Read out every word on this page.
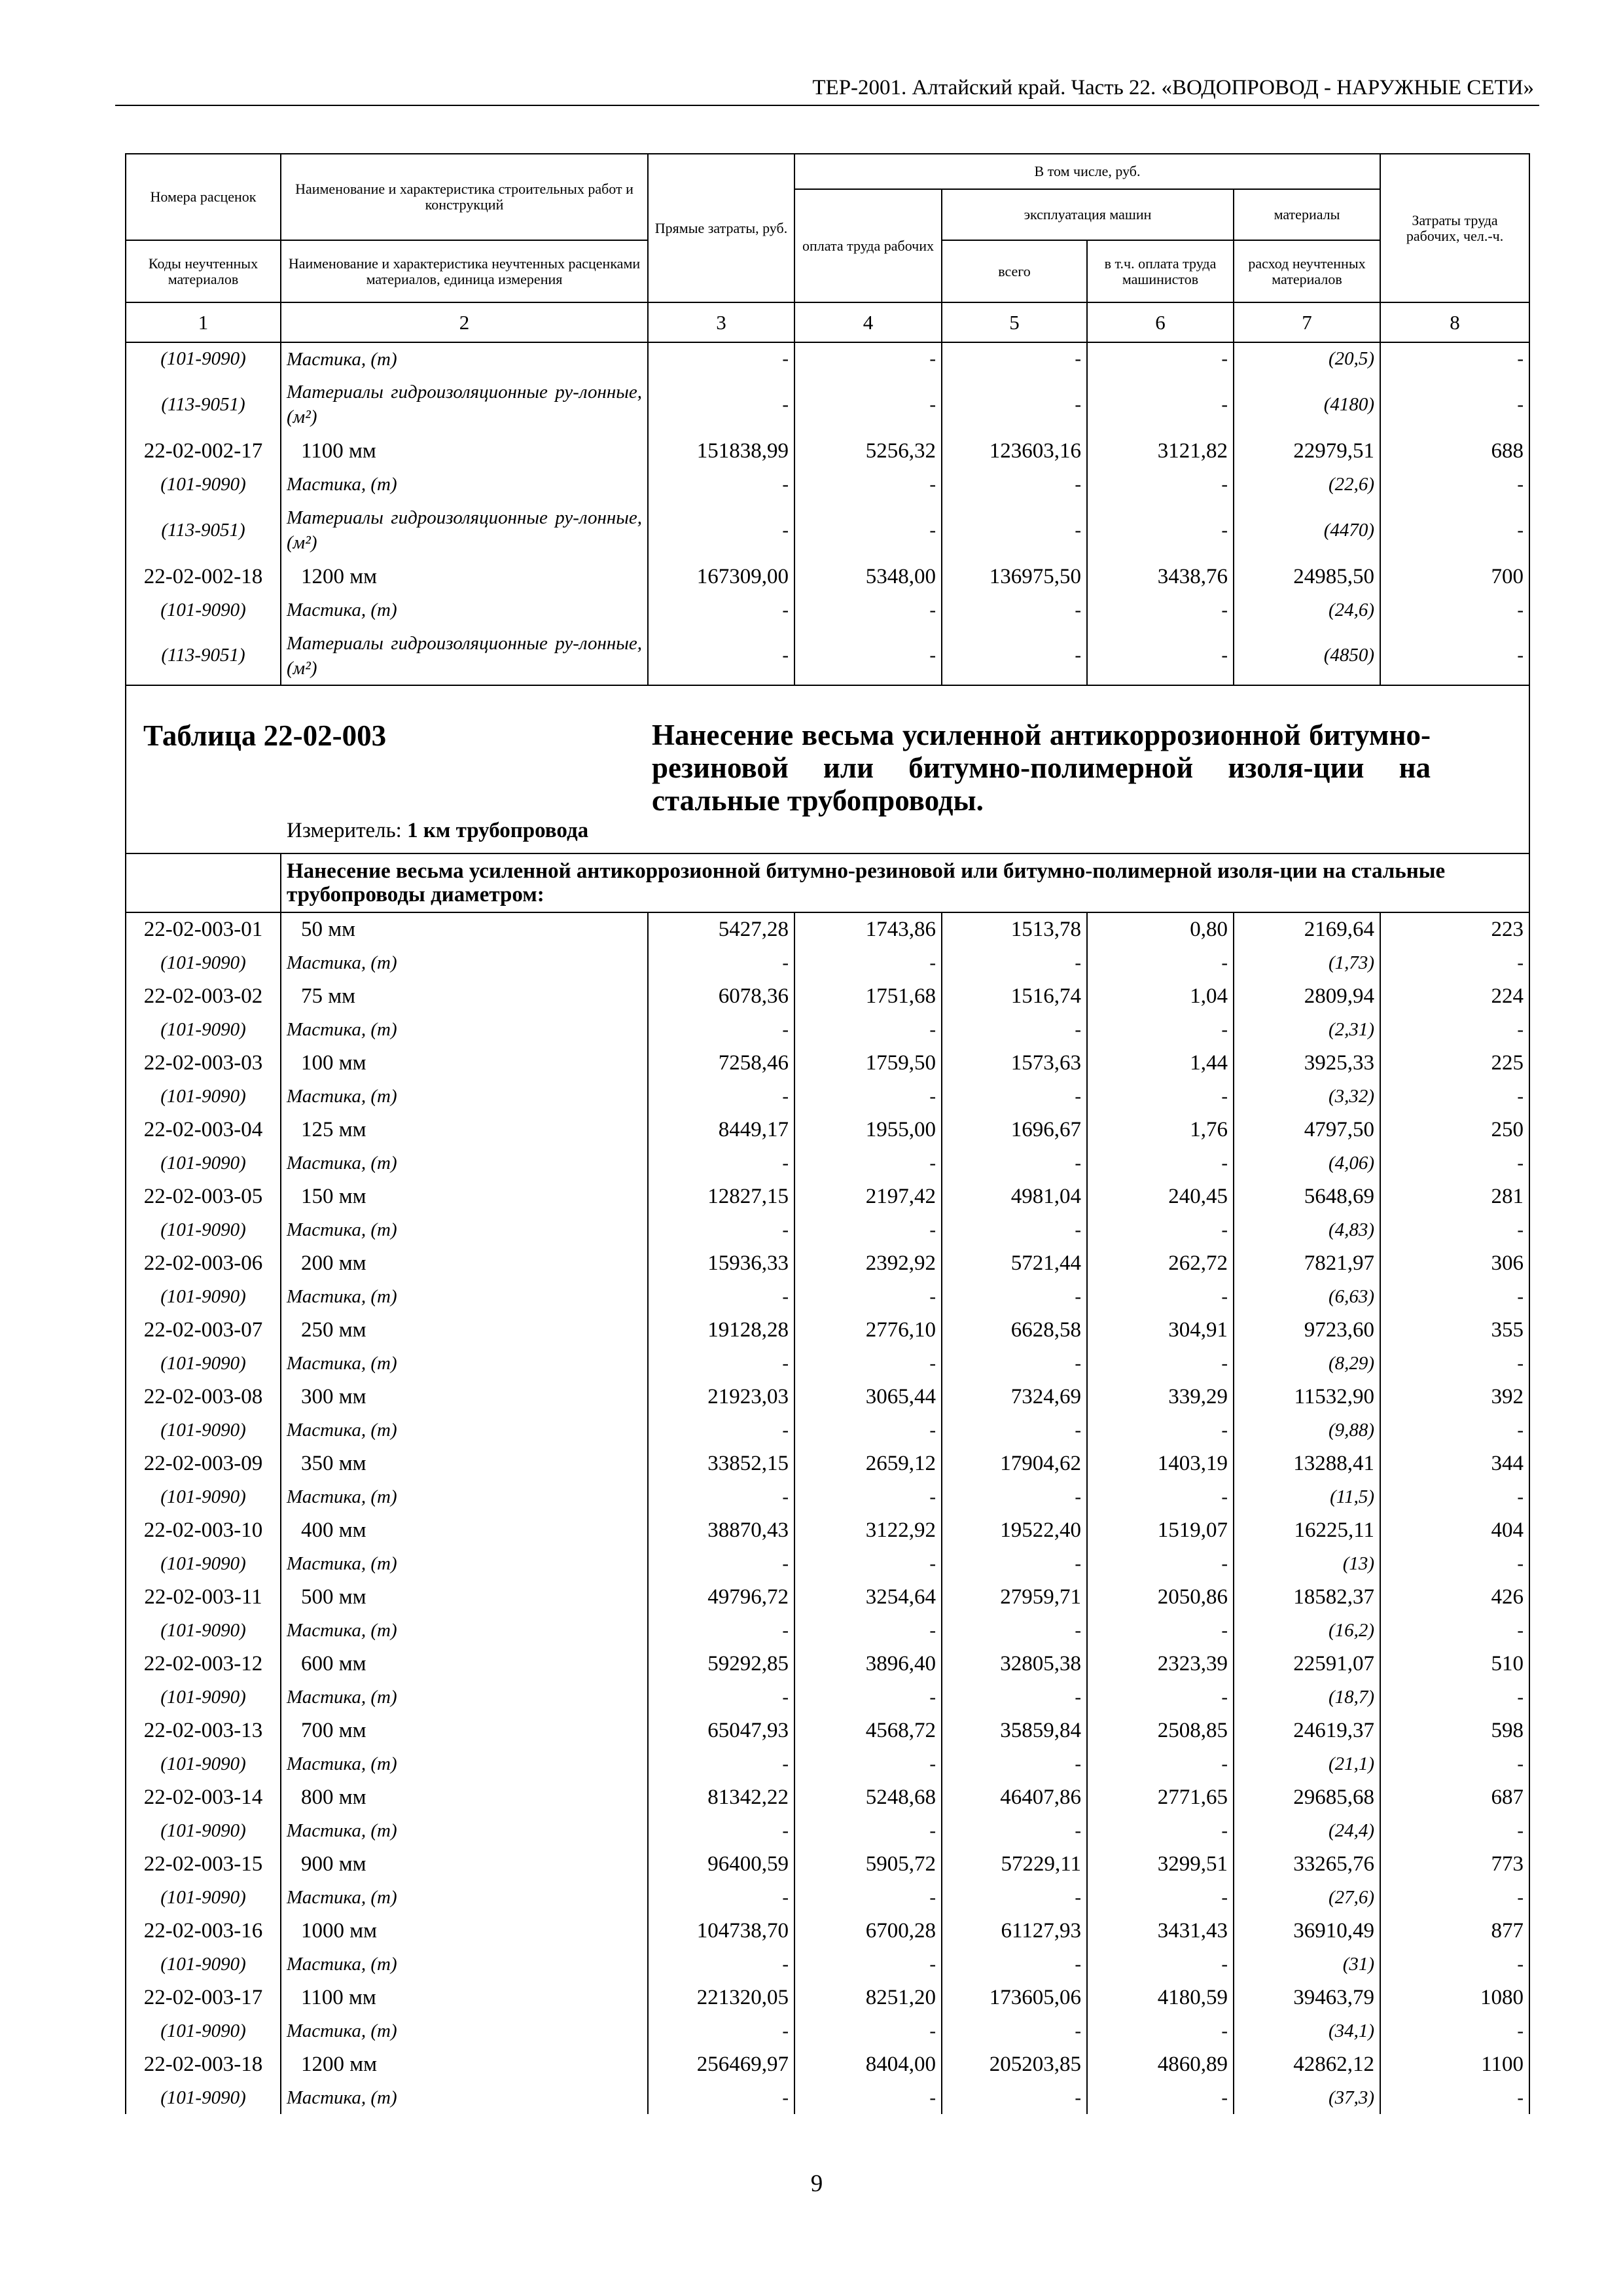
ТЕР-2001. Алтайский край. Часть 22. «ВОДОПРОВОД - НАРУЖНЫЕ СЕТИ»
Номера расценок	Наименование и характеристика строительных работ и конструкций	Прямые затраты, руб.	В том числе, руб.				Затраты труда рабочих, чел.-ч.
			оплата труда рабочих	эксплуатация машин		материалы	
Коды неучтенных материалов	Наименование и характеристика неучтенных расценками материалов, единица измерения			всего	в т.ч. оплата труда машинистов	расход неучтенных материалов	
1	2	3	4	5	6	7	8
(101-9090)	Мастика, (т)	-	-	-	-	(20,5)	-
(113-9051)	Материалы гидроизоляционные ру-лонные, (м²)	-	-	-	-	(4180)	-
22-02-002-17	1100 мм	151838,99	5256,32	123603,16	3121,82	22979,51	688
(101-9090)	Мастика, (т)	-	-	-	-	(22,6)	-
(113-9051)	Материалы гидроизоляционные ру-лонные, (м²)	-	-	-	-	(4470)	-
22-02-002-18	1200 мм	167309,00	5348,00	136975,50	3438,76	24985,50	700
(101-9090)	Мастика, (т)	-	-	-	-	(24,6)	-
(113-9051)	Материалы гидроизоляционные ру-лонные, (м²)	-	-	-	-	(4850)	-

Таблица 22-02-003 Нанесение весьма усиленной антикоррозионной битумно-резиновой или битумно-полимерной изоля-ции на стальные трубопроводы.
Измеритель: 1 км трубопровода							

	Нанесение весьма усиленной антикоррозионной битумно-резиновой или битумно-полимерной изоля-ции на стальные трубопроводы диаметром:						
22-02-003-01	50 мм	5427,28	1743,86	1513,78	0,80	2169,64	223
(101-9090)	Мастика, (т)	-	-	-	-	(1,73)	-
22-02-003-02	75 мм	6078,36	1751,68	1516,74	1,04	2809,94	224
(101-9090)	Мастика, (т)	-	-	-	-	(2,31)	-
22-02-003-03	100 мм	7258,46	1759,50	1573,63	1,44	3925,33	225
(101-9090)	Мастика, (т)	-	-	-	-	(3,32)	-
22-02-003-04	125 мм	8449,17	1955,00	1696,67	1,76	4797,50	250
(101-9090)	Мастика, (т)	-	-	-	-	(4,06)	-
22-02-003-05	150 мм	12827,15	2197,42	4981,04	240,45	5648,69	281
(101-9090)	Мастика, (т)	-	-	-	-	(4,83)	-
22-02-003-06	200 мм	15936,33	2392,92	5721,44	262,72	7821,97	306
(101-9090)	Мастика, (т)	-	-	-	-	(6,63)	-
22-02-003-07	250 мм	19128,28	2776,10	6628,58	304,91	9723,60	355
(101-9090)	Мастика, (т)	-	-	-	-	(8,29)	-
22-02-003-08	300 мм	21923,03	3065,44	7324,69	339,29	11532,90	392
(101-9090)	Мастика, (т)	-	-	-	-	(9,88)	-
22-02-003-09	350 мм	33852,15	2659,12	17904,62	1403,19	13288,41	344
(101-9090)	Мастика, (т)	-	-	-	-	(11,5)	-
22-02-003-10	400 мм	38870,43	3122,92	19522,40	1519,07	16225,11	404
(101-9090)	Мастика, (т)	-	-	-	-	(13)	-
22-02-003-11	500 мм	49796,72	3254,64	27959,71	2050,86	18582,37	426
(101-9090)	Мастика, (т)	-	-	-	-	(16,2)	-
22-02-003-12	600 мм	59292,85	3896,40	32805,38	2323,39	22591,07	510
(101-9090)	Мастика, (т)	-	-	-	-	(18,7)	-
22-02-003-13	700 мм	65047,93	4568,72	35859,84	2508,85	24619,37	598
(101-9090)	Мастика, (т)	-	-	-	-	(21,1)	-
22-02-003-14	800 мм	81342,22	5248,68	46407,86	2771,65	29685,68	687
(101-9090)	Мастика, (т)	-	-	-	-	(24,4)	-
22-02-003-15	900 мм	96400,59	5905,72	57229,11	3299,51	33265,76	773
(101-9090)	Мастика, (т)	-	-	-	-	(27,6)	-
22-02-003-16	1000 мм	104738,70	6700,28	61127,93	3431,43	36910,49	877
(101-9090)	Мастика, (т)	-	-	-	-	(31)	-
22-02-003-17	1100 мм	221320,05	8251,20	173605,06	4180,59	39463,79	1080
(101-9090)	Мастика, (т)	-	-	-	-	(34,1)	-
22-02-003-18	1200 мм	256469,97	8404,00	205203,85	4860,89	42862,12	1100
(101-9090)	Мастика, (т)	-	-	-	-	(37,3)	-
9
